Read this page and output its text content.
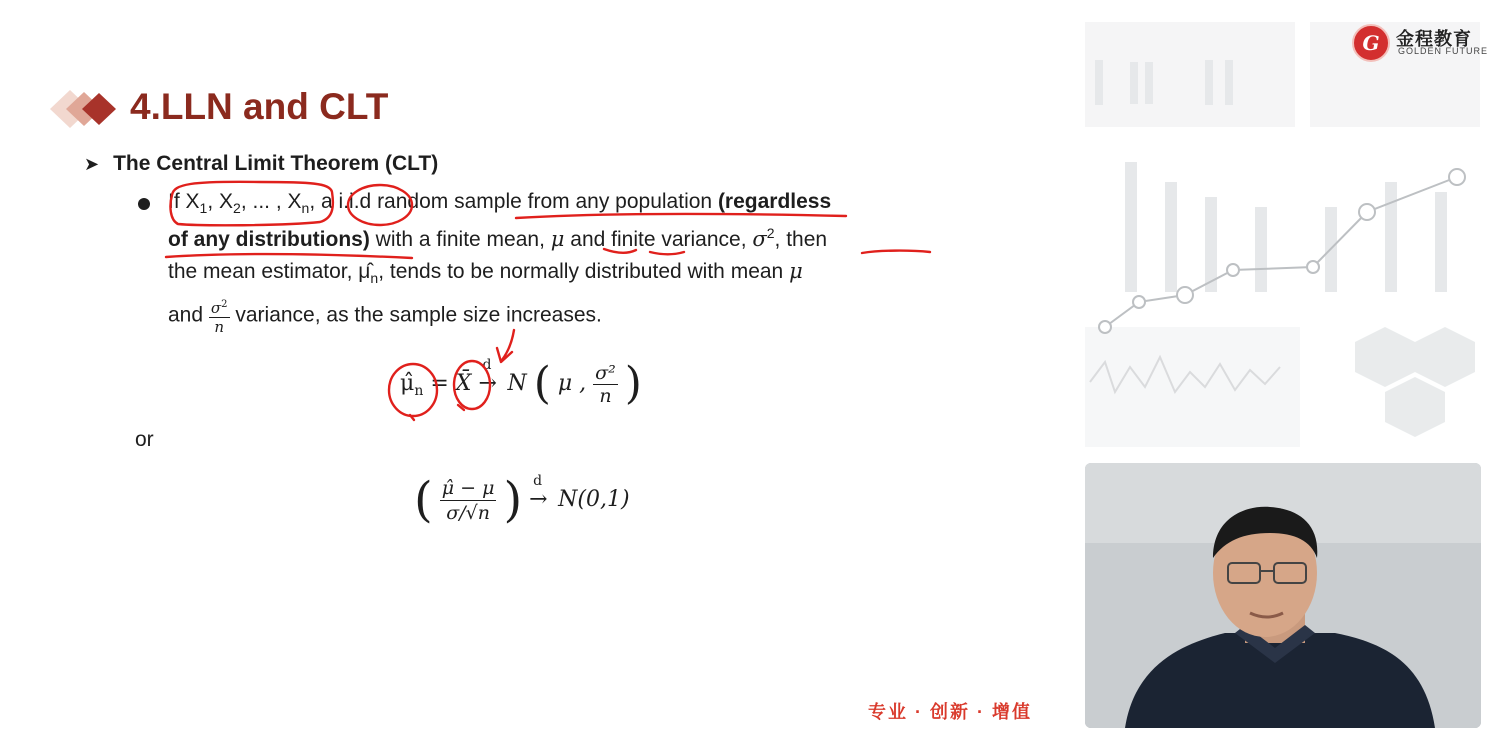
4.LLN and CLT
➤ The Central Limit Theorem (CLT)
If $X_1$, $X_2$, ... , $X_n$, a i.i.d random sample from any population (regardless
of any distributions) with a finite mean, μ and finite variance, $\sigma^2$, then
the mean estimator, $\mû_n$, tends to be normally distributed with mean μ
and $\frac{\sigma^2}{n}$ variance, as the sample size increases.
$\mû_n$ = X̄
d
→ N ( μ , $\frac{\text{σ²}}{n}$ )
or
( $\frac{\mû - \mu}{\sigma/√n}$ ) d
→ N(0,1)
专业 · 创新 · 增值
G 金程教育
GOLDEN FUTURE
